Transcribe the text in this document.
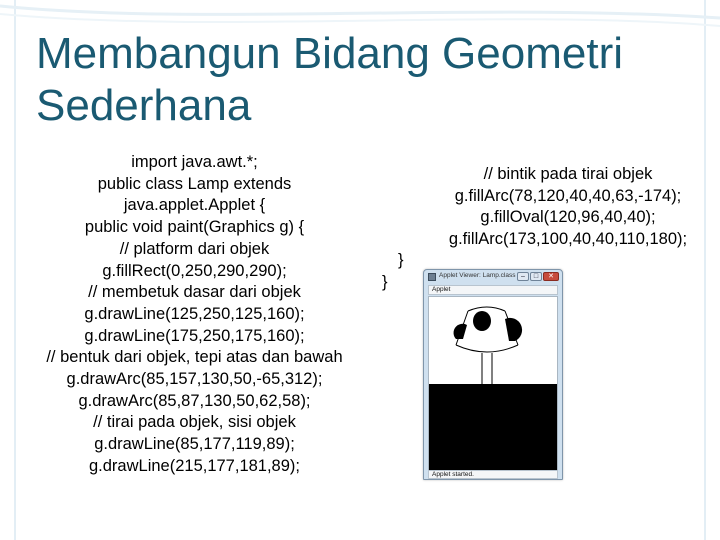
Membangun Bidang Geometri Sederhana
import java.awt.*;
public class Lamp extends
java.applet.Applet {
public void paint(Graphics g) {
// platform dari objek
g.fillRect(0,250,290,290);
// membetuk dasar dari objek
g.drawLine(125,250,125,160);
g.drawLine(175,250,175,160);
// bentuk dari objek, tepi atas dan bawah
g.drawArc(85,157,130,50,-65,312);
g.drawArc(85,87,130,50,62,58);
// tirai pada objek, sisi objek
g.drawLine(85,177,119,89);
g.drawLine(215,177,181,89);
}
}
// bintik pada tirai objek
g.fillArc(78,120,40,40,63,-174);
g.fillOval(120,96,40,40);
g.fillArc(173,100,40,40,110,180);
Applet Viewer: Lamp.class –	□	✕
Applet
Applet started.
